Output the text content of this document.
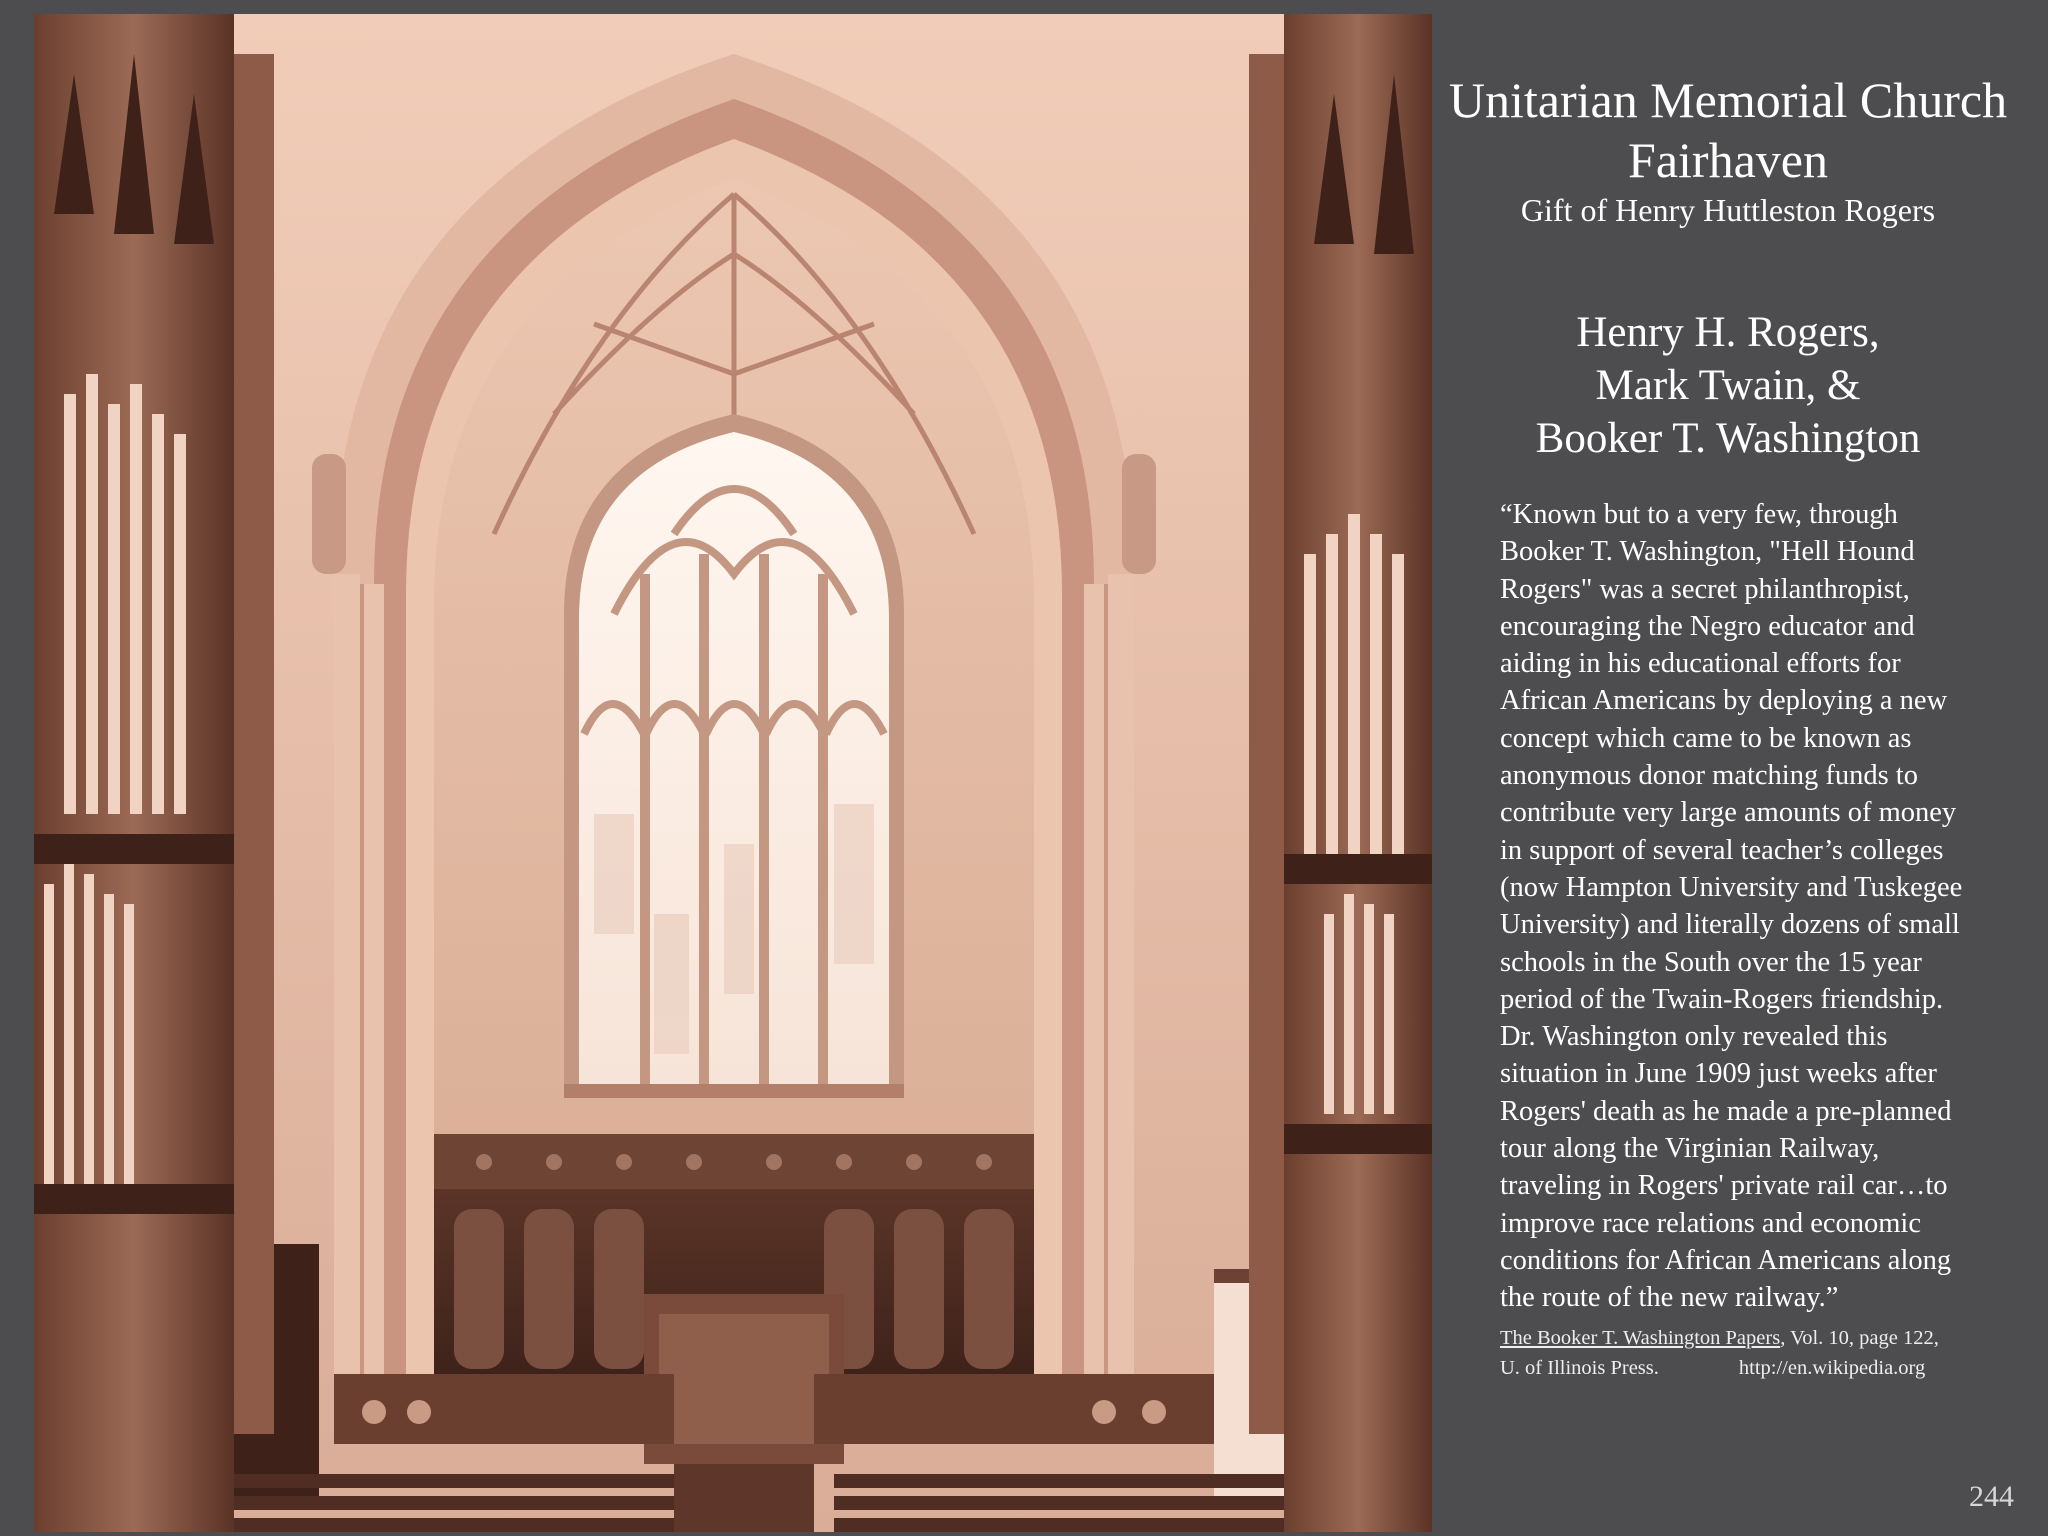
Unitarian Memorial Church
Fairhaven
Gift of Henry Huttleston Rogers
Henry H. Rogers,
Mark Twain, &
Booker T. Washington
“Known but to a very few, through
Booker T. Washington, "Hell Hound
Rogers" was a secret philanthropist,
encouraging the Negro educator and
aiding in his educational efforts for
African Americans by deploying a new
concept which came to be known as
anonymous donor matching funds to
contribute very large amounts of money
in support of several teacher’s colleges
(now Hampton University and Tuskegee
University) and literally dozens of small
schools in the South over the 15 year
period of the Twain-Rogers friendship.
Dr. Washington only revealed this
situation in June 1909 just weeks after
Rogers' death as he made a pre-planned
tour along the Virginian Railway,
traveling in Rogers' private rail car…to
improve race relations and economic
conditions for African Americans along
the route of the new railway.”
The Booker T. Washington Papers, Vol. 10, page 122,
U. of Illinois Press.	http://en.wikipedia.org
244
